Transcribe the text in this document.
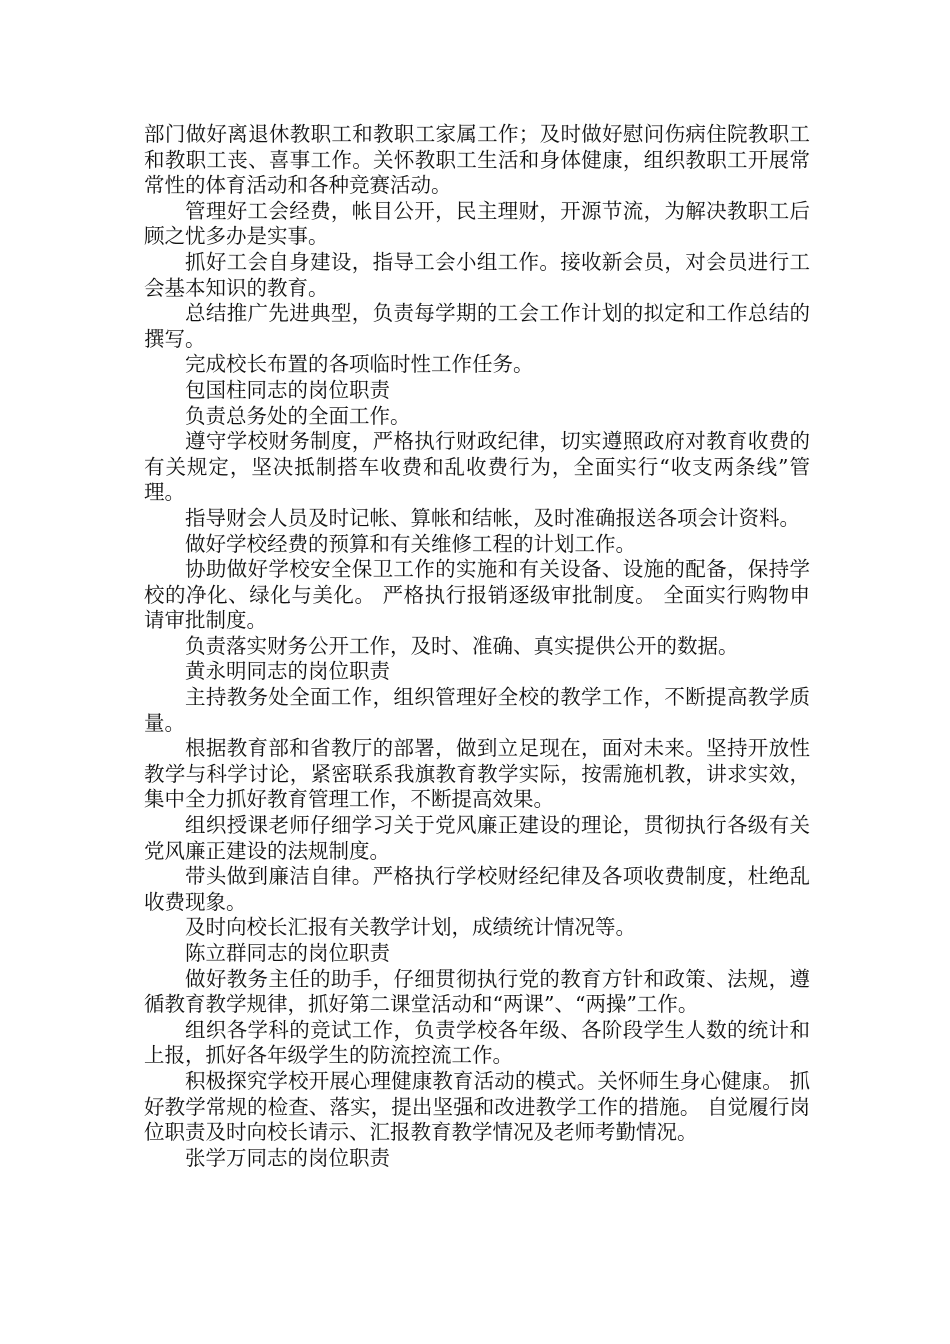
部门做好离退休教职工和教职工家属工作；及时做好慰问伤病住院教职工和教职工丧、喜事工作。关怀教职工生活和身体健康，组织教职工开展常常性的体育活动和各种竞赛活动。

管理好工会经费，帐目公开，民主理财，开源节流，为解决教职工后顾之忧多办是实事。

抓好工会自身建设，指导工会小组工作。接收新会员，对会员进行工会基本知识的教育。

总结推广先进典型，负责每学期的工会工作计划的拟定和工作总结的撰写。

完成校长布置的各项临时性工作任务。

包国柱同志的岗位职责

负责总务处的全面工作。

遵守学校财务制度，严格执行财政纪律，切实遵照政府对教育收费的有关规定，坚决抵制搭车收费和乱收费行为，全面实行“收支两条线”管理。

指导财会人员及时记帐、算帐和结帐，及时准确报送各项会计资料。

做好学校经费的预算和有关维修工程的计划工作。

协助做好学校安全保卫工作的实施和有关设备、设施的配备，保持学校的净化、绿化与美化。 严格执行报销逐级审批制度。 全面实行购物申请审批制度。

负责落实财务公开工作，及时、准确、真实提供公开的数据。

黄永明同志的岗位职责

主持教务处全面工作，组织管理好全校的教学工作，不断提高教学质量。

根据教育部和省教厅的部署，做到立足现在，面对未来。坚持开放性教学与科学讨论，紧密联系我旗教育教学实际，按需施机教，讲求实效，集中全力抓好教育管理工作，不断提高效果。

组织授课老师仔细学习关于党风廉正建设的理论，贯彻执行各级有关党风廉正建设的法规制度。

带头做到廉洁自律。严格执行学校财经纪律及各项收费制度，杜绝乱收费现象。

及时向校长汇报有关教学计划，成绩统计情况等。

陈立群同志的岗位职责

做好教务主任的助手，仔细贯彻执行党的教育方针和政策、法规，遵循教育教学规律，抓好第二课堂活动和“两课”、“两操”工作。

组织各学科的竞试工作，负责学校各年级、各阶段学生人数的统计和上报，抓好各年级学生的防流控流工作。

积极探究学校开展心理健康教育活动的模式。关怀师生身心健康。 抓好教学常规的检查、落实，提出坚强和改进教学工作的措施。 自觉履行岗位职责及时向校长请示、汇报教育教学情况及老师考勤情况。

张学万同志的岗位职责
